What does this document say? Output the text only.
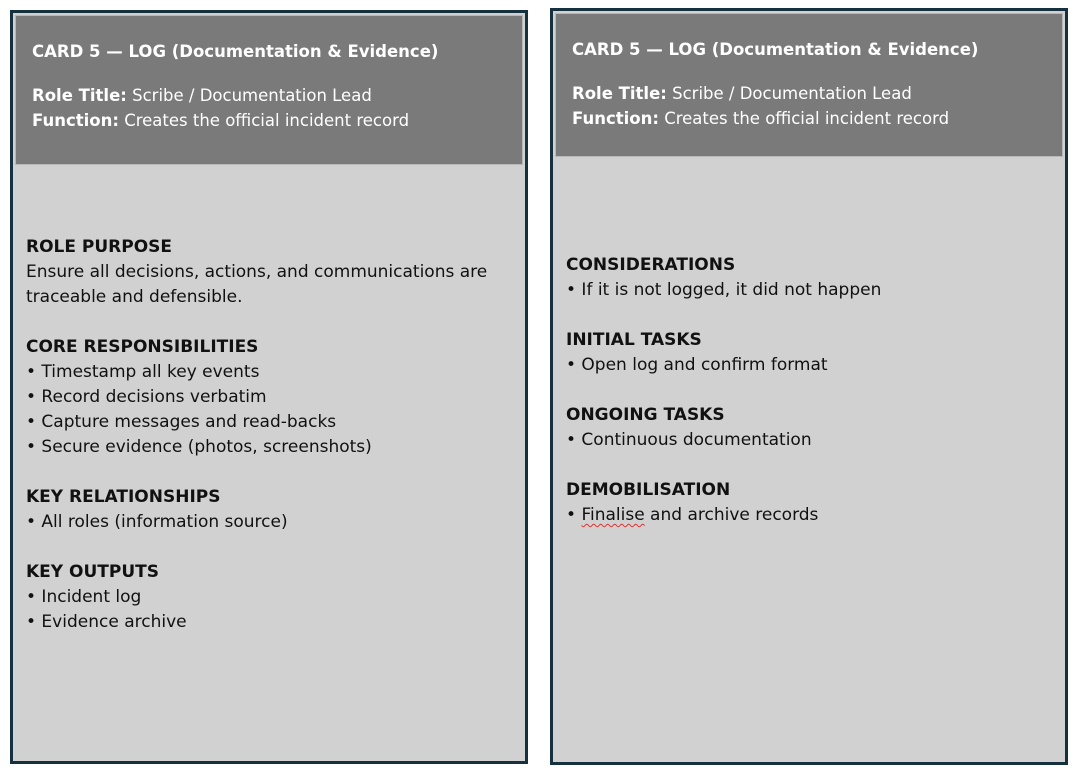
CARD 5 — LOG (Documentation & Evidence)
Role Title: Scribe / Documentation Lead
Function: Creates the official incident record
ROLE PURPOSE
Ensure all decisions, actions, and communications are traceable and defensible.
CORE RESPONSIBILITIES
• Timestamp all key events
• Record decisions verbatim
• Capture messages and read-backs
• Secure evidence (photos, screenshots)
KEY RELATIONSHIPS
• All roles (information source)
KEY OUTPUTS
• Incident log
• Evidence archive
CARD 5 — LOG (Documentation & Evidence)
Role Title: Scribe / Documentation Lead
Function: Creates the official incident record
CONSIDERATIONS
• If it is not logged, it did not happen
INITIAL TASKS
• Open log and confirm format
ONGOING TASKS
• Continuous documentation
DEMOBILISATION
• Finalise and archive records
